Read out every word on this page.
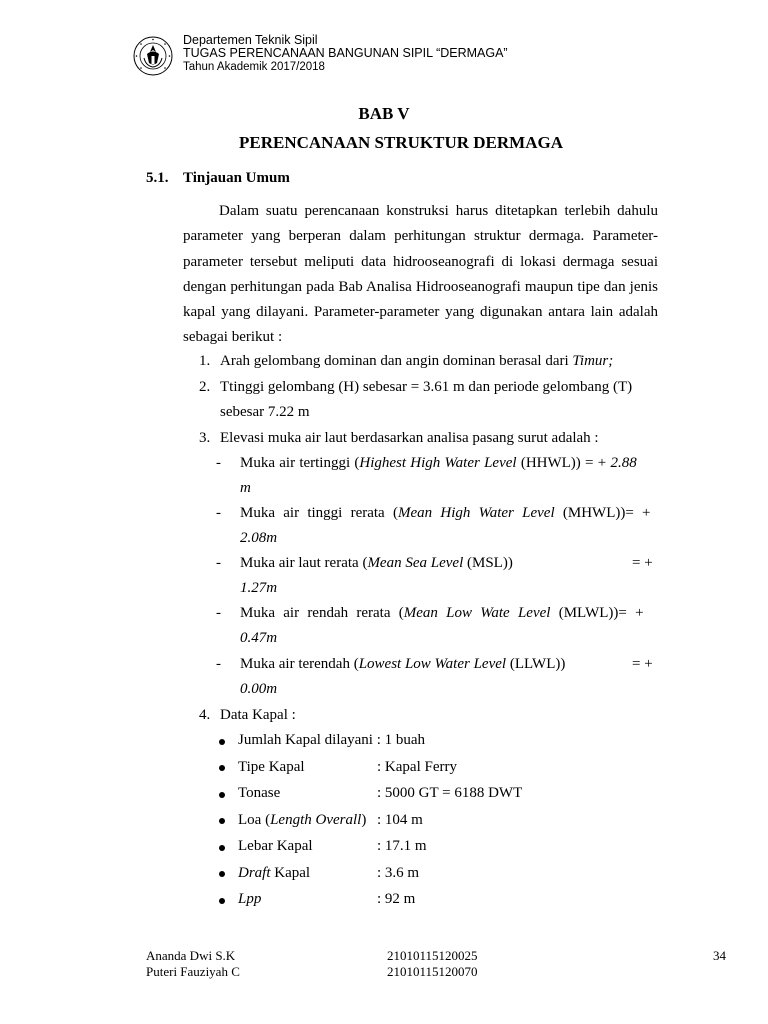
Departemen Teknik Sipil
TUGAS PERENCANAAN BANGUNAN SIPIL “DERMAGA”
Tahun Akademik 2017/2018
BAB V
PERENCANAAN STRUKTUR DERMAGA
5.1. Tinjauan Umum
Dalam suatu perencanaan konstruksi harus ditetapkan terlebih dahulu parameter yang berperan dalam perhitungan struktur dermaga. Parameter-parameter tersebut meliputi data hidrooseanografi di lokasi dermaga sesuai dengan perhitungan pada Bab Analisa Hidrooseanografi maupun tipe dan jenis kapal yang dilayani. Parameter-parameter yang digunakan antara lain adalah sebagai berikut :
1. Arah gelombang dominan dan angin dominan berasal dari Timur;
2. Ttinggi gelombang (H) sebesar = 3.61 m dan periode gelombang (T)
sebesar 7.22 m
3. Elevasi muka air laut berdasarkan analisa pasang surut adalah :
- Muka air tertinggi (Highest High Water Level (HHWL)) = + 2.88
m
- Muka air tinggi rerata (Mean High Water Level (MHWL))= +
2.08m
- Muka air laut rerata (Mean Sea Level (MSL))	= +
1.27m
- Muka air rendah rerata (Mean Low Wate Level (MLWL))= +
0.47m
- Muka air terendah (Lowest Low Water Level (LLWL))	= +
0.00m
4. Data Kapal :
Jumlah Kapal dilayani : 1 buah
Tipe Kapal	: Kapal Ferry
Tonase	: 5000 GT = 6188 DWT
Loa (Length Overall) : 104 m
Lebar Kapal	: 17.1 m
Draft Kapal	: 3.6 m
Lpp	: 92 m
Ananda Dwi S.K
Puteri Fauziyah C
21010115120025
21010115120070
34
